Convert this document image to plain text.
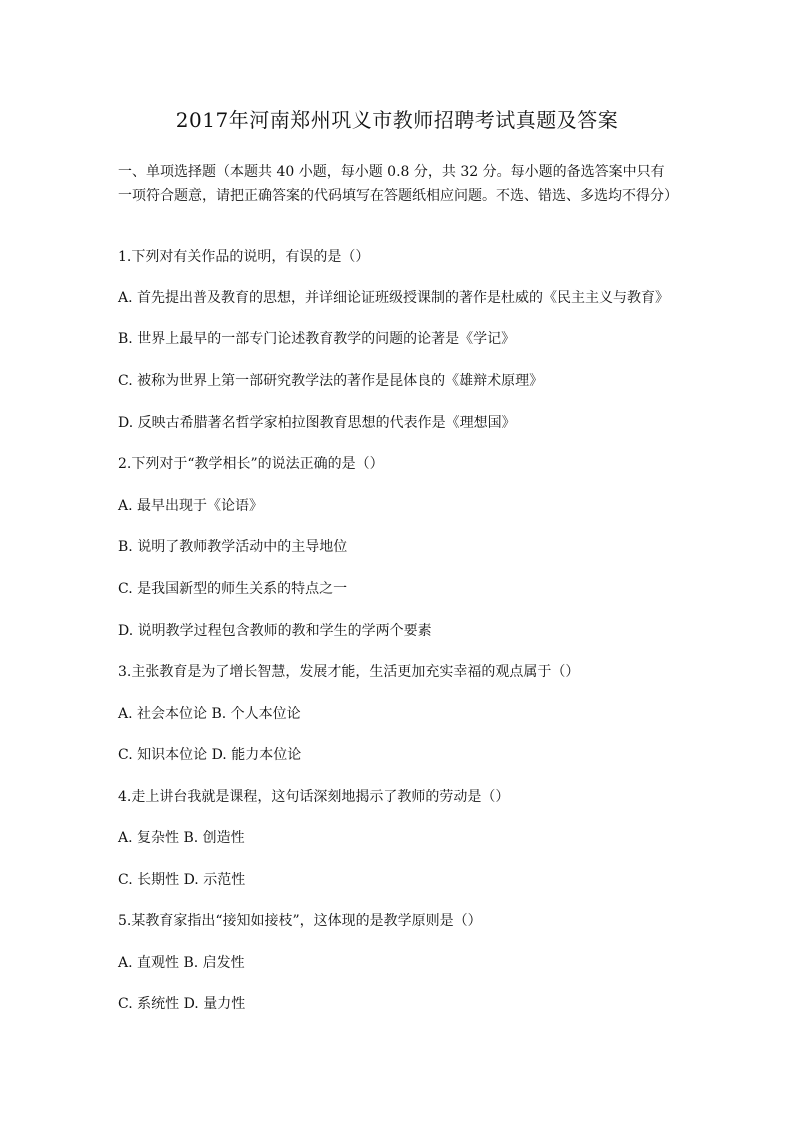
2017年河南郑州巩义市教师招聘考试真题及答案
一、单项选择题（本题共 40 小题，每小题 0.8 分，共 32 分。每小题的备选答案中只有
一项符合题意，请把正确答案的代码填写在答题纸相应问题。不选、错选、多选均不得分）
1.下列对有关作品的说明，有误的是（）
A. 首先提出普及教育的思想，并详细论证班级授课制的著作是杜威的《民主主义与教育》
B. 世界上最早的一部专门论述教育教学的问题的论著是《学记》
C. 被称为世界上第一部研究教学法的著作是昆体良的《雄辩术原理》
D. 反映古希腊著名哲学家柏拉图教育思想的代表作是《理想国》
2.下列对于“教学相长”的说法正确的是（）
A. 最早出现于《论语》
B. 说明了教师教学活动中的主导地位
C. 是我国新型的师生关系的特点之一
D. 说明教学过程包含教师的教和学生的学两个要素
3.主张教育是为了增长智慧，发展才能，生活更加充实幸福的观点属于（）
A. 社会本位论 B. 个人本位论
C. 知识本位论 D. 能力本位论
4.走上讲台我就是课程，这句话深刻地揭示了教师的劳动是（）
A. 复杂性 B. 创造性
C. 长期性 D. 示范性
5.某教育家指出“接知如接枝”，这体现的是教学原则是（）
A. 直观性 B. 启发性
C. 系统性 D. 量力性
